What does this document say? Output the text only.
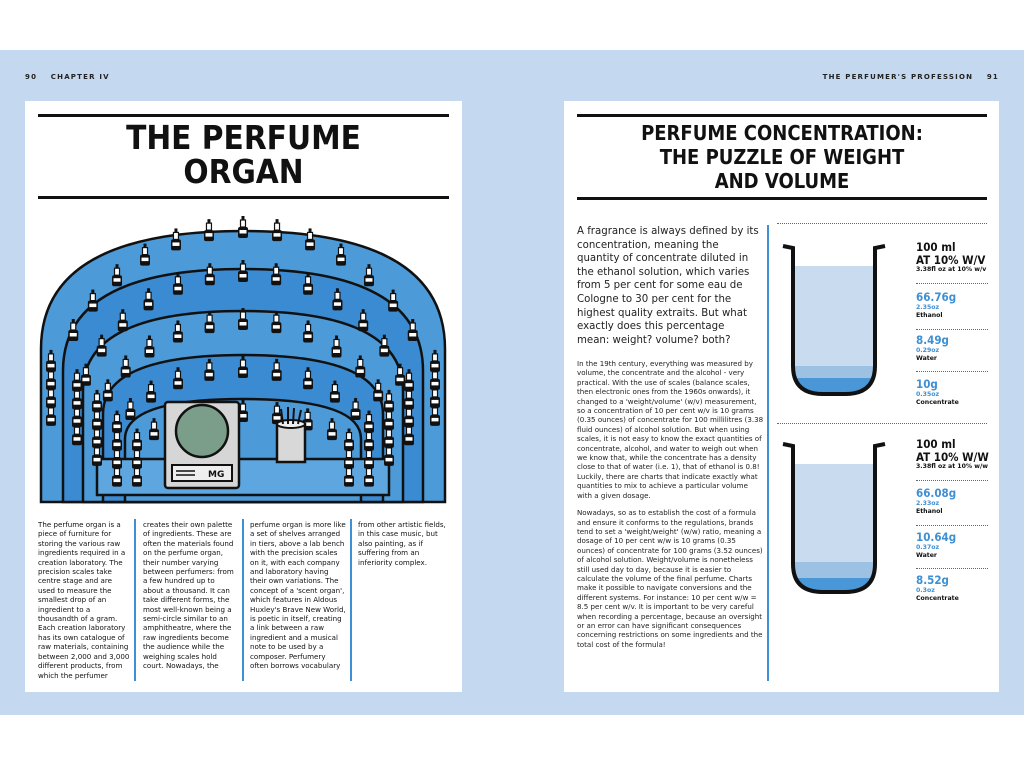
90 CHAPTER IV	THE PERFUMER'S PROFESSION 91
THE PERFUME
ORGAN
MG
The perfume organ is a piece of furniture for storing the various raw ingredients required in a creation laboratory. The precision scales take centre stage and are used to measure the smallest drop of an ingredient to a thousandth of a gram. Each creation laboratory has its own catalogue of raw materials, containing between 2,000 and 3,000 different products, from which the perfumer
creates their own palette of ingredients. These are often the materials found on the perfume organ, their number varying between perfumers: from a few hundred up to about a thousand. It can take different forms, the most well-known being a semi-circle similar to an amphitheatre, where the raw ingredients become the audience while the weighing scales hold court. Nowadays, the
perfume organ is more like a set of shelves arranged in tiers, above a lab bench with the precision scales on it, with each company and laboratory having their own variations. The concept of a 'scent organ', which features in Aldous Huxley's Brave New World, is poetic in itself, creating a link between a raw ingredient and a musical note to be used by a composer. Perfumery often borrows vocabulary
from other artistic fields, in this case music, but also painting, as if suffering from an inferiority complex.
PERFUME CONCENTRATION:
THE PUZZLE OF WEIGHT
AND VOLUME
A fragrance is always defined by its concentration, meaning the quantity of concentrate diluted in the ethanol solution, which varies from 5 per cent for some eau de Cologne to 30 per cent for the highest quality extraits. But what exactly does this percentage mean: weight? volume? both?

In the 19th century, everything was measured by volume, the concentrate and the alcohol - very practical. With the use of scales (balance scales, then electronic ones from the 1960s onwards), it changed to a 'weight/volume' (w/v) measurement, so a concentration of 10 per cent w/v is 10 grams (0.35 ounces) of concentrate for 100 millilitres (3.38 fluid ounces) of alcohol solution. But when using scales, it is not easy to know the exact quantities of concentrate, alcohol, and water to weigh out when we know that, while the concentrate has a density close to that of water (i.e. 1), that of ethanol is 0.8! Luckily, there are charts that indicate exactly what quantities to mix to achieve a particular volume with a given dosage.

Nowadays, so as to establish the cost of a formula and ensure it conforms to the regulations, brands tend to set a 'weight/weight' (w/w) ratio, meaning a dosage of 10 per cent w/w is 10 grams (0.35 ounces) of concentrate for 100 grams (3.52 ounces) of alcohol solution. Weight/volume is nonetheless still used day to day, because it is easier to calculate the volume of the final perfume. Charts make it possible to navigate conversions and the different systems. For instance: 10 per cent w/w = 8.5 per cent w/v. It is important to be very careful when recording a percentage, because an oversight or an error can have significant consequences concerning restrictions on some ingredients and the total cost of the formula!

100 ml
AT 10% W/V
3.38fl oz at 10% w/v
66.76g
2.35oz
Ethanol
8.49g
0.29oz
Water
10g
0.35oz
Concentrate
100 ml
AT 10% W/W
3.38fl oz at 10% w/w
66.08g
2.33oz
Ethanol
10.64g
0.37oz
Water
8.52g
0.3oz
Concentrate
